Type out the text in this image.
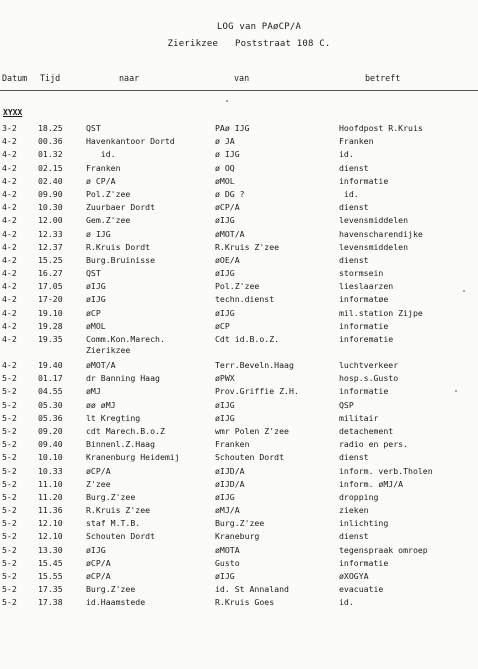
LOG van PAøCP/A
Zierikzee   Poststraat 108 C.
Datum Tijd	naar	van	betreft
XYXX
3-2	18.25	QST	PAø IJG	Hoofdpost R.Kruis
4-2	00.36	Havenkantoor Dortd	ø JA	Franken
4-2	01.32	id.	ø IJG	id.
4-2	02.15	Franken	ø OQ	dienst
4-2	02.40	ø CP/A	øMOL	informatie
4-2	09.90	Pol.Z'zee	ø DG ?	id.
4-2	10.30	Zuurbaer Dordt	øCP/A	dienst
4-2	12.00	Gem.Z'zee	øIJG	levensmiddelen
4-2	12.33	ø IJG	øMOT/A	havenscharendijke
4-2	12.37	R.Kruis Dordt	R.Kruis Z'zee	levensmiddelen
4-2	15.25	Burg.Bruinisse	øOE/A	dienst
4-2	16.27	QST	øIJG	stormsein
4-2	17.05	øIJG	Pol.Z'zee	lieslaarzen
4-2	17-20	øIJG	techn.dienst	informatøe
4-2	19.10	øCP	øIJG	mil.station Zijpe
4-2	19.28	øMOL	øCP	informatie
4-2	19.35	Comm.Kon.Marech.	Cdt id.B.o.Z.	inforematie
Zierikzee
4-2	19.40	øMOT/A	Terr.Beveln.Haag	luchtverkeer
5-2	01.17	dr Banning Haag	øPWX	hosp.s.Gusto
5-2	04.55	øMJ	Prov.Griffie Z.H.	informatie
5-2	05.30	øø øMJ	øIJG	QSP
5-2	05.36	lt Kregting	øIJG	militair
5-2	09.20	cdt Marech.B.o.Z	wmr Polen Z'zee	detachement
5-2	09.40	Binnenl.Z.Haag	Franken	radio en pers.
5-2	10.10	Kranenburg Heidemij	Schouten Dordt	dienst
5-2	10.33	øCP/A	øIJD/A	inform. verb.Tholen
5-2	11.10	Z'zee	øIJD/A	inform. øMJ/A
5-2	11.20	Burg.Z'zee	øIJG	dropping
5-2	11.36	R.Kruis Z'zee	øMJ/A	zieken
5-2	12.10	staf M.T.B.	Burg.Z'zee	inlichting
5-2	12.10	Schouten Dordt	Kraneburg	dienst
5-2	13.30	øIJG	øMOTA	tegenspraak omroep
5-2	15.45	øCP/A	Gusto	informatie
5-2	15.55	øCP/A	øIJG	øXOGYA
5-2	17.35	Burg.Z'zee	id. St Annaland	evacuatie
5-2	17.38	id.Haamstede	R.Kruis Goes	id.
